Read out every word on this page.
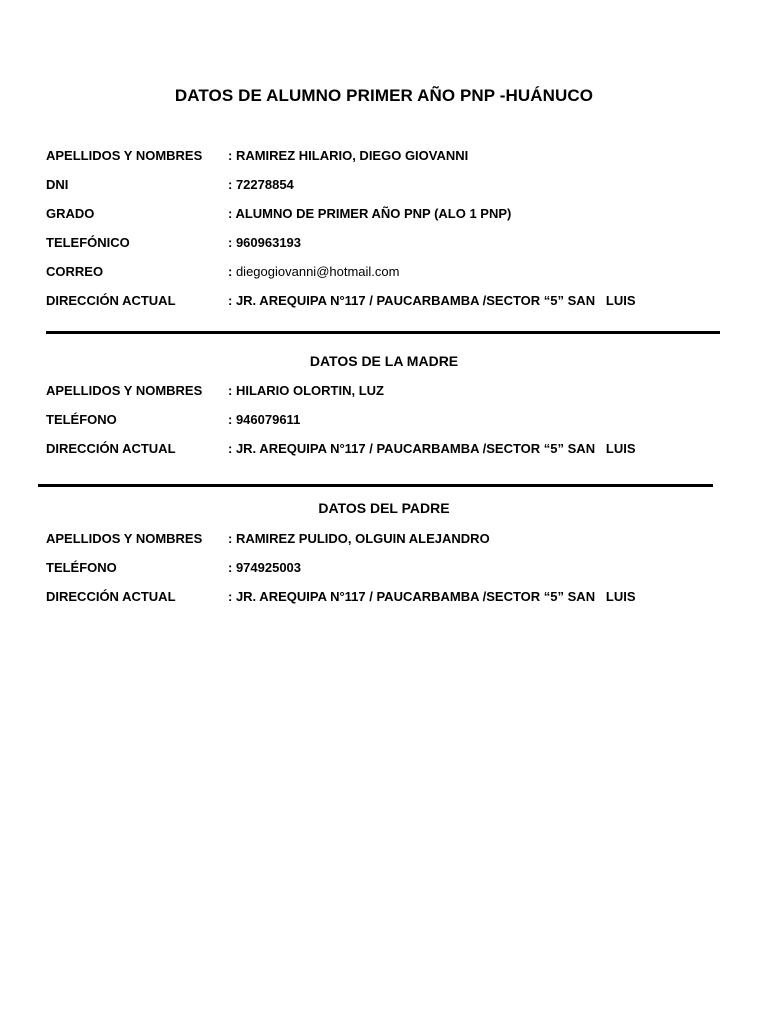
DATOS DE ALUMNO PRIMER AÑO PNP -HUÁNUCO
APELLIDOS Y NOMBRES : RAMIREZ HILARIO, DIEGO GIOVANNI
DNI	: 72278854
GRADO	: ALUMNO DE PRIMER AÑO PNP (ALO 1 PNP)
TELEFÓNICO	: 960963193
CORREO	: diegogiovanni@hotmail.com
DIRECCIÓN ACTUAL	: JR. AREQUIPA N°117 / PAUCARBAMBA /SECTOR “5” SAN   LUIS
DATOS DE LA MADRE
APELLIDOS Y NOMBRES : HILARIO OLORTIN, LUZ
TELÉFONO	: 946079611
DIRECCIÓN ACTUAL	: JR. AREQUIPA N°117 / PAUCARBAMBA /SECTOR “5” SAN   LUIS
DATOS DEL PADRE
APELLIDOS Y NOMBRES : RAMIREZ PULIDO, OLGUIN ALEJANDRO
TELÉFONO	: 974925003
DIRECCIÓN ACTUAL	: JR. AREQUIPA N°117 / PAUCARBAMBA /SECTOR “5” SAN   LUIS
